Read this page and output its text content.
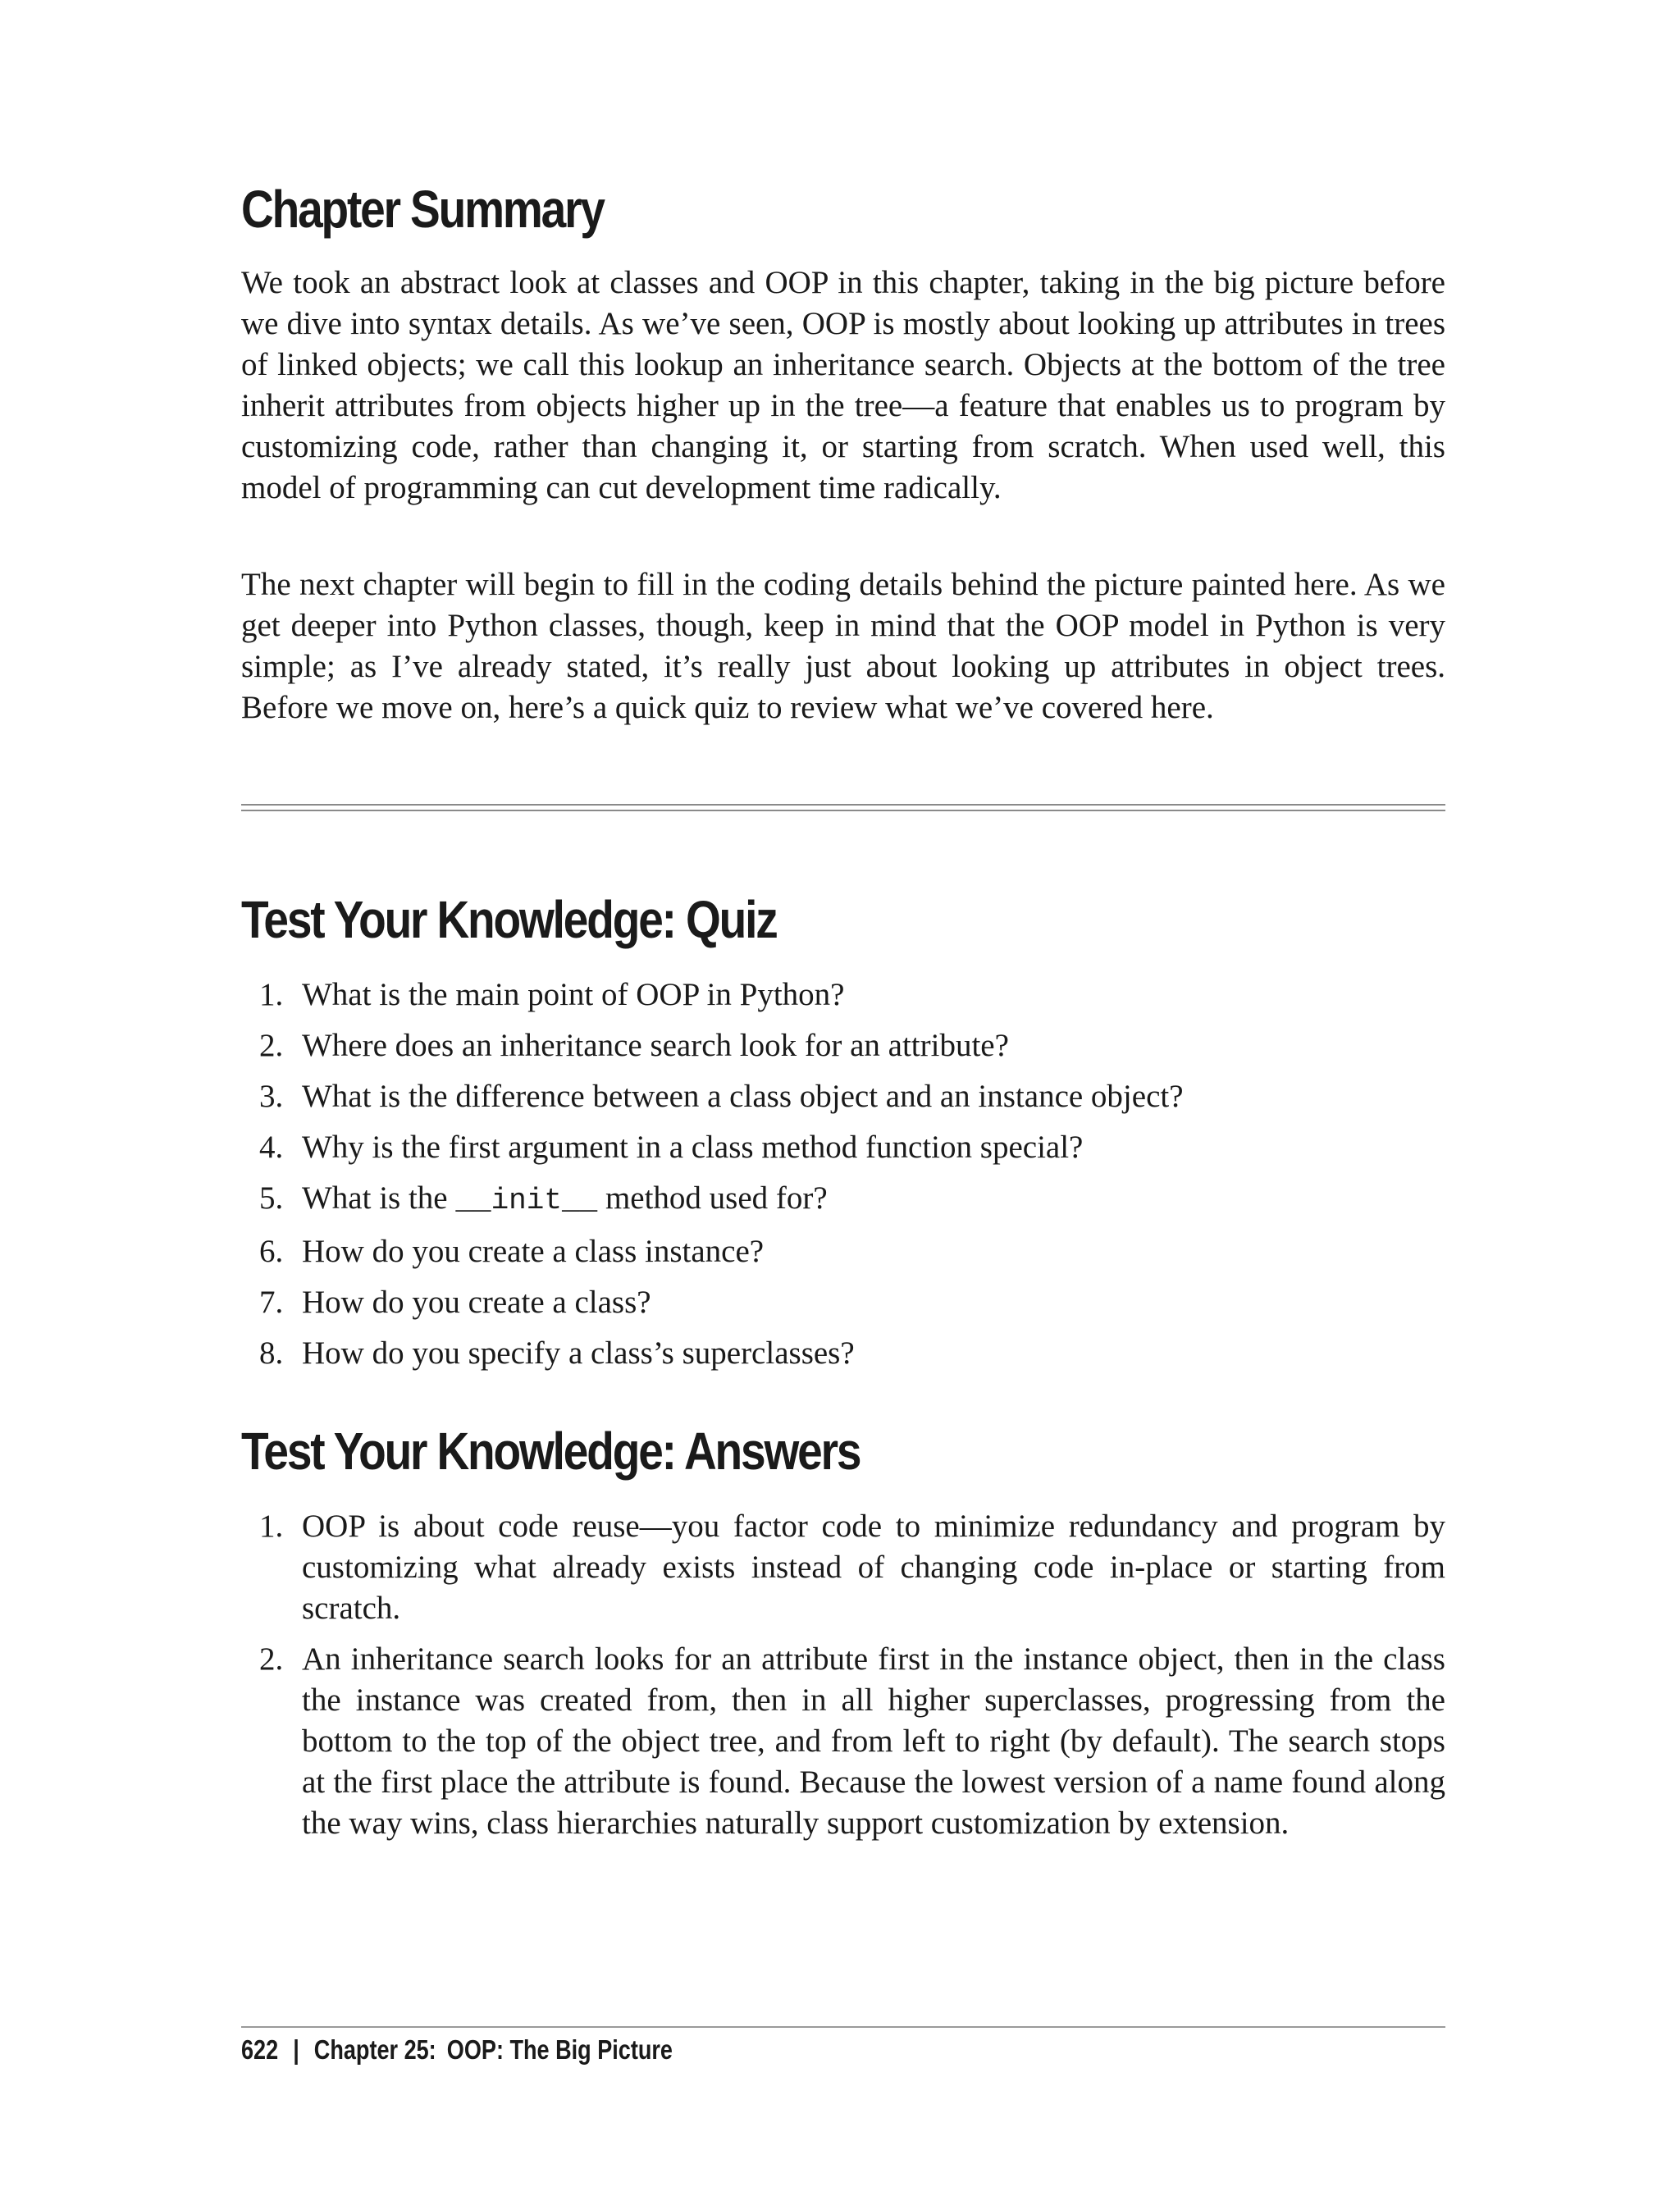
Chapter Summary

We took an abstract look at classes and OOP in this chapter, taking in the big picture before we dive into syntax details. As we’ve seen, OOP is mostly about looking up attributes in trees of linked objects; we call this lookup an inheritance search. Objects at the bottom of the tree inherit attributes from objects higher up in the tree—a feature that enables us to program by customizing code, rather than changing it, or starting from scratch. When used well, this model of programming can cut development time radically.

The next chapter will begin to fill in the coding details behind the picture painted here. As we get deeper into Python classes, though, keep in mind that the OOP model in Python is very simple; as I’ve already stated, it’s really just about looking up attributes in object trees. Before we move on, here’s a quick quiz to review what we’ve covered here.

Test Your Knowledge: Quiz
1. What is the main point of OOP in Python?
2. Where does an inheritance search look for an attribute?
3. What is the difference between a class object and an instance object?
4. Why is the first argument in a class method function special?
5. What is the __init__ method used for?
6. How do you create a class instance?
7. How do you create a class?
8. How do you specify a class’s superclasses?
Test Your Knowledge: Answers
1. OOP is about code reuse—you factor code to minimize redundancy and program by customizing what already exists instead of changing code in-place or starting from scratch.
2. An inheritance search looks for an attribute first in the instance object, then in the class the instance was created from, then in all higher superclasses, progressing from the bottom to the top of the object tree, and from left to right (by default). The search stops at the first place the attribute is found. Because the lowest version of a name found along the way wins, class hierarchies naturally support customization by extension.
622 | Chapter 25: OOP: The Big Picture
